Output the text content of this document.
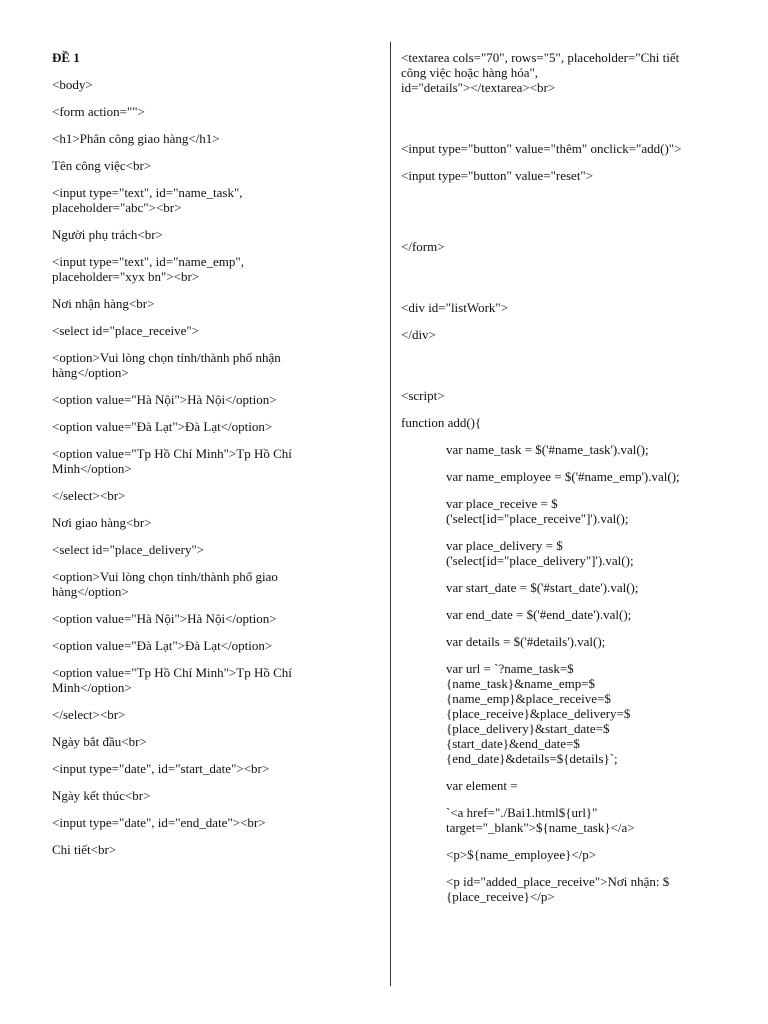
ĐỀ 1
<body>
<form action="">
<h1>Phân công giao hàng</h1>
Tên công việc<br>
<input type="text", id="name_task",
placeholder="abc"><br>
Người phụ trách<br>
<input type="text", id="name_emp",
placeholder="xyx bn"><br>
Nơi nhận hàng<br>
<select id="place_receive">
<option>Vui lòng chọn tỉnh/thành phố nhận
hàng</option>
<option value="Hà Nội">Hà Nội</option>
<option value="Đà Lạt">Đà Lạt</option>
<option value="Tp Hồ Chí Minh">Tp Hồ Chí
Minh</option>
</select><br>
Nơi giao hàng<br>
<select id="place_delivery">
<option>Vui lòng chọn tỉnh/thành phố giao
hàng</option>
<option value="Hà Nội">Hà Nội</option>
<option value="Đà Lạt">Đà Lạt</option>
<option value="Tp Hồ Chí Minh">Tp Hồ Chí
Minh</option>
</select><br>
Ngày bắt đầu<br>
<input type="date", id="start_date"><br>
Ngày kết thúc<br>
<input type="date", id="end_date"><br>
Chi tiết<br>
<textarea cols="70", rows="5", placeholder="Chi tiết
công việc hoặc hàng hóa",
id="details"></textarea><br>
<input type="button" value="thêm" onclick="add()">
<input type="button" value="reset">
</form>
<div id="listWork">
</div>
<script>
function add(){
var name_task = $('#name_task').val();
var name_employee = $('#name_emp').val();
var place_receive = $
('select[id="place_receive"]').val();
var place_delivery = $
('select[id="place_delivery"]').val();
var start_date = $('#start_date').val();
var end_date = $('#end_date').val();
var details = $('#details').val();
var url = `?name_task=$
{name_task}&name_emp=$
{name_emp}&place_receive=$
{place_receive}&place_delivery=$
{place_delivery}&start_date=$
{start_date}&end_date=$
{end_date}&details=${details}`;
var element =
`<a href="./Bai1.html${url}"
target="_blank">${name_task}</a>
<p>${name_employee}</p>
<p id="added_place_receive">Nơi nhận: $
{place_receive}</p>
